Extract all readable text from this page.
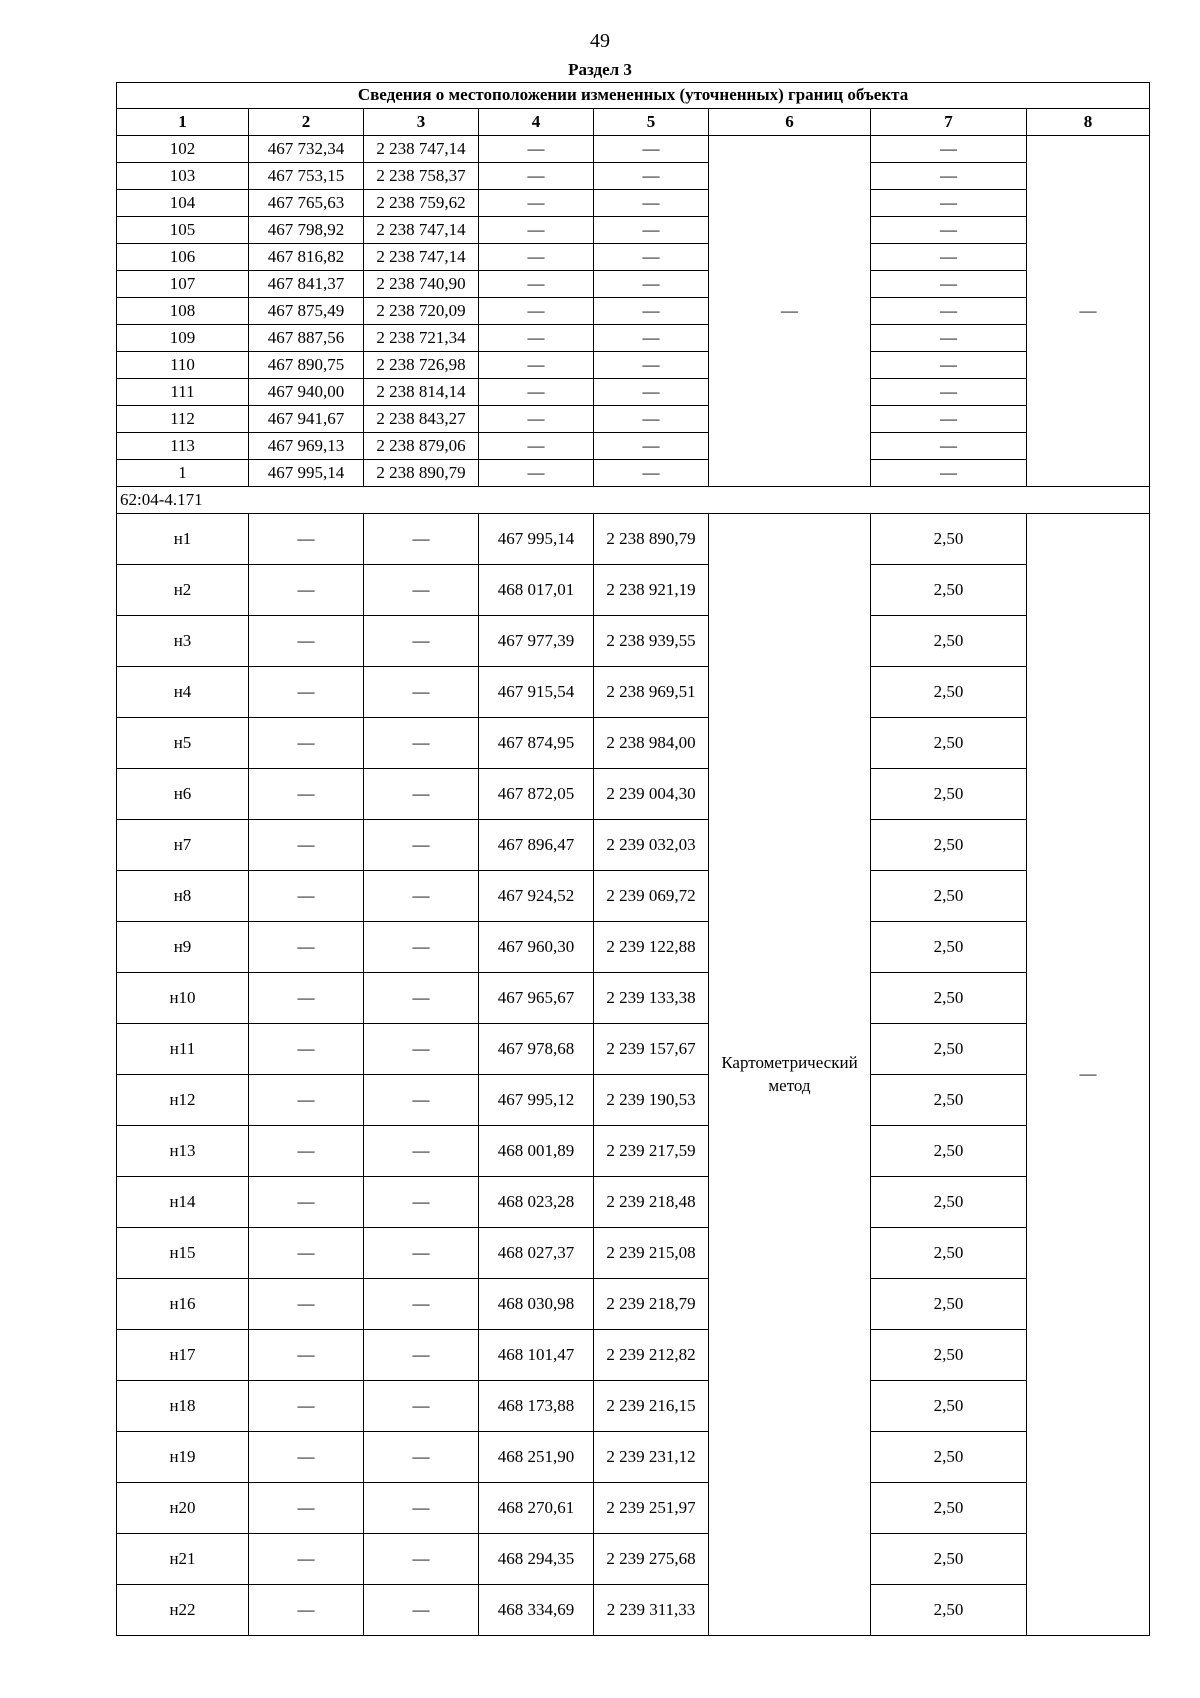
49
Раздел 3
Сведения о местоположении измененных (уточненных) границ объекта							
1	2	3	4	5	6	7	8
102	467 732,34	2 238 747,14	—	—	—	—	—
103	467 753,15	2 238 758,37	—	—		—	
104	467 765,63	2 238 759,62	—	—		—	
105	467 798,92	2 238 747,14	—	—		—	
106	467 816,82	2 238 747,14	—	—		—	
107	467 841,37	2 238 740,90	—	—		—	
108	467 875,49	2 238 720,09	—	—		—	
109	467 887,56	2 238 721,34	—	—		—	
110	467 890,75	2 238 726,98	—	—		—	
111	467 940,00	2 238 814,14	—	—		—	
112	467 941,67	2 238 843,27	—	—		—	
113	467 969,13	2 238 879,06	—	—		—	
1	467 995,14	2 238 890,79	—	—		—	
62:04-4.171							
н1	—	—	467 995,14	2 238 890,79	Картометрический метод	2,50	—
н2	—	—	468 017,01	2 238 921,19		2,50	
н3	—	—	467 977,39	2 238 939,55		2,50	
н4	—	—	467 915,54	2 238 969,51		2,50	
н5	—	—	467 874,95	2 238 984,00		2,50	
н6	—	—	467 872,05	2 239 004,30		2,50	
н7	—	—	467 896,47	2 239 032,03		2,50	
н8	—	—	467 924,52	2 239 069,72		2,50	
н9	—	—	467 960,30	2 239 122,88		2,50	
н10	—	—	467 965,67	2 239 133,38		2,50	
н11	—	—	467 978,68	2 239 157,67		2,50	
н12	—	—	467 995,12	2 239 190,53		2,50	
н13	—	—	468 001,89	2 239 217,59		2,50	
н14	—	—	468 023,28	2 239 218,48		2,50	
н15	—	—	468 027,37	2 239 215,08		2,50	
н16	—	—	468 030,98	2 239 218,79		2,50	
н17	—	—	468 101,47	2 239 212,82		2,50	
н18	—	—	468 173,88	2 239 216,15		2,50	
н19	—	—	468 251,90	2 239 231,12		2,50	
н20	—	—	468 270,61	2 239 251,97		2,50	
н21	—	—	468 294,35	2 239 275,68		2,50	
н22	—	—	468 334,69	2 239 311,33		2,50	
